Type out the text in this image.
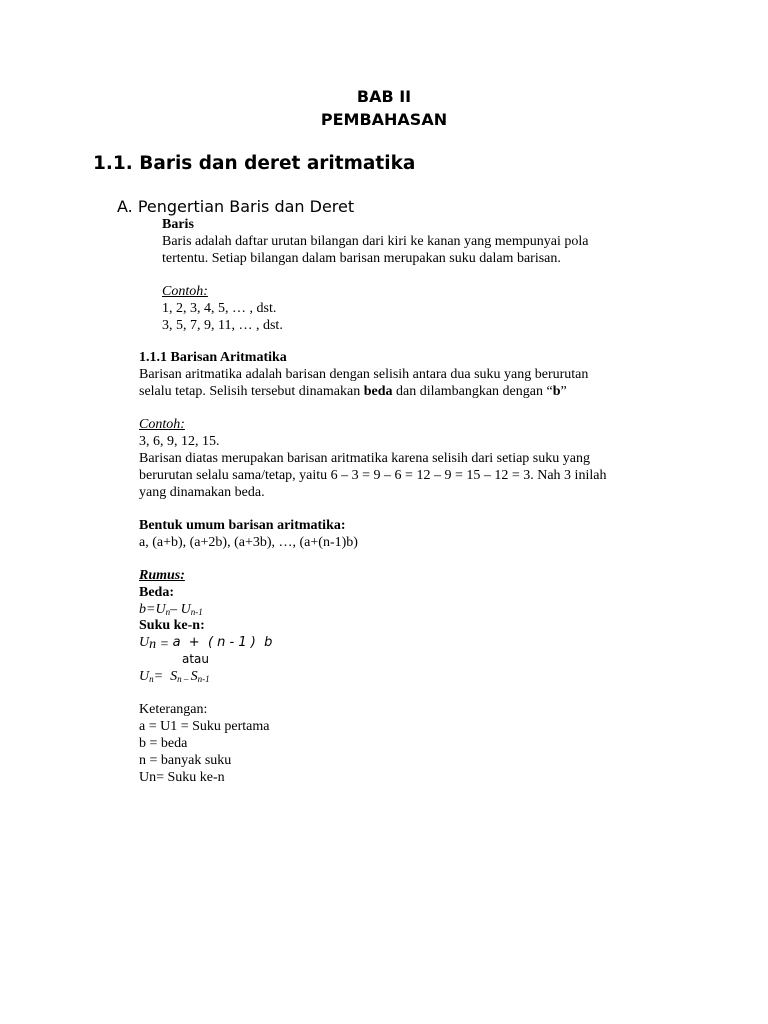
BAB II
PEMBAHASAN
1.1. Baris dan deret aritmatika
A. Pengertian Baris dan Deret
Baris
Baris adalah daftar urutan bilangan dari kiri ke kanan yang mempunyai pola
tertentu. Setiap bilangan dalam barisan merupakan suku dalam barisan.
Contoh:
1, 2, 3, 4, 5, … , dst.
3, 5, 7, 9, 11, … , dst.
1.1.1 Barisan Aritmatika
Barisan aritmatika adalah barisan dengan selisih antara dua suku yang berurutan
selalu tetap. Selisih tersebut dinamakan beda dan dilambangkan dengan “b”
Contoh:
3, 6, 9, 12, 15.
Barisan diatas merupakan barisan aritmatika karena selisih dari setiap suku yang
berurutan selalu sama/tetap, yaitu 6 – 3 = 9 – 6 = 12 – 9 = 15 – 12 = 3. Nah 3 inilah
yang dinamakan beda.
Bentuk umum barisan aritmatika:
a, (a+b), (a+2b), (a+3b), …, (a+(n-1)b)
Rumus:
Beda:
$b=U_n-$ $U_{n-1}$
Suku ke-n:
$U_{n =}$ a  +  ( n - 1 )  b
atau
$U_n= S_{n -}$ $S_{n-1}$
Keterangan:
a = U1 = Suku pertama
b = beda
n = banyak suku
Un= Suku ke-n
